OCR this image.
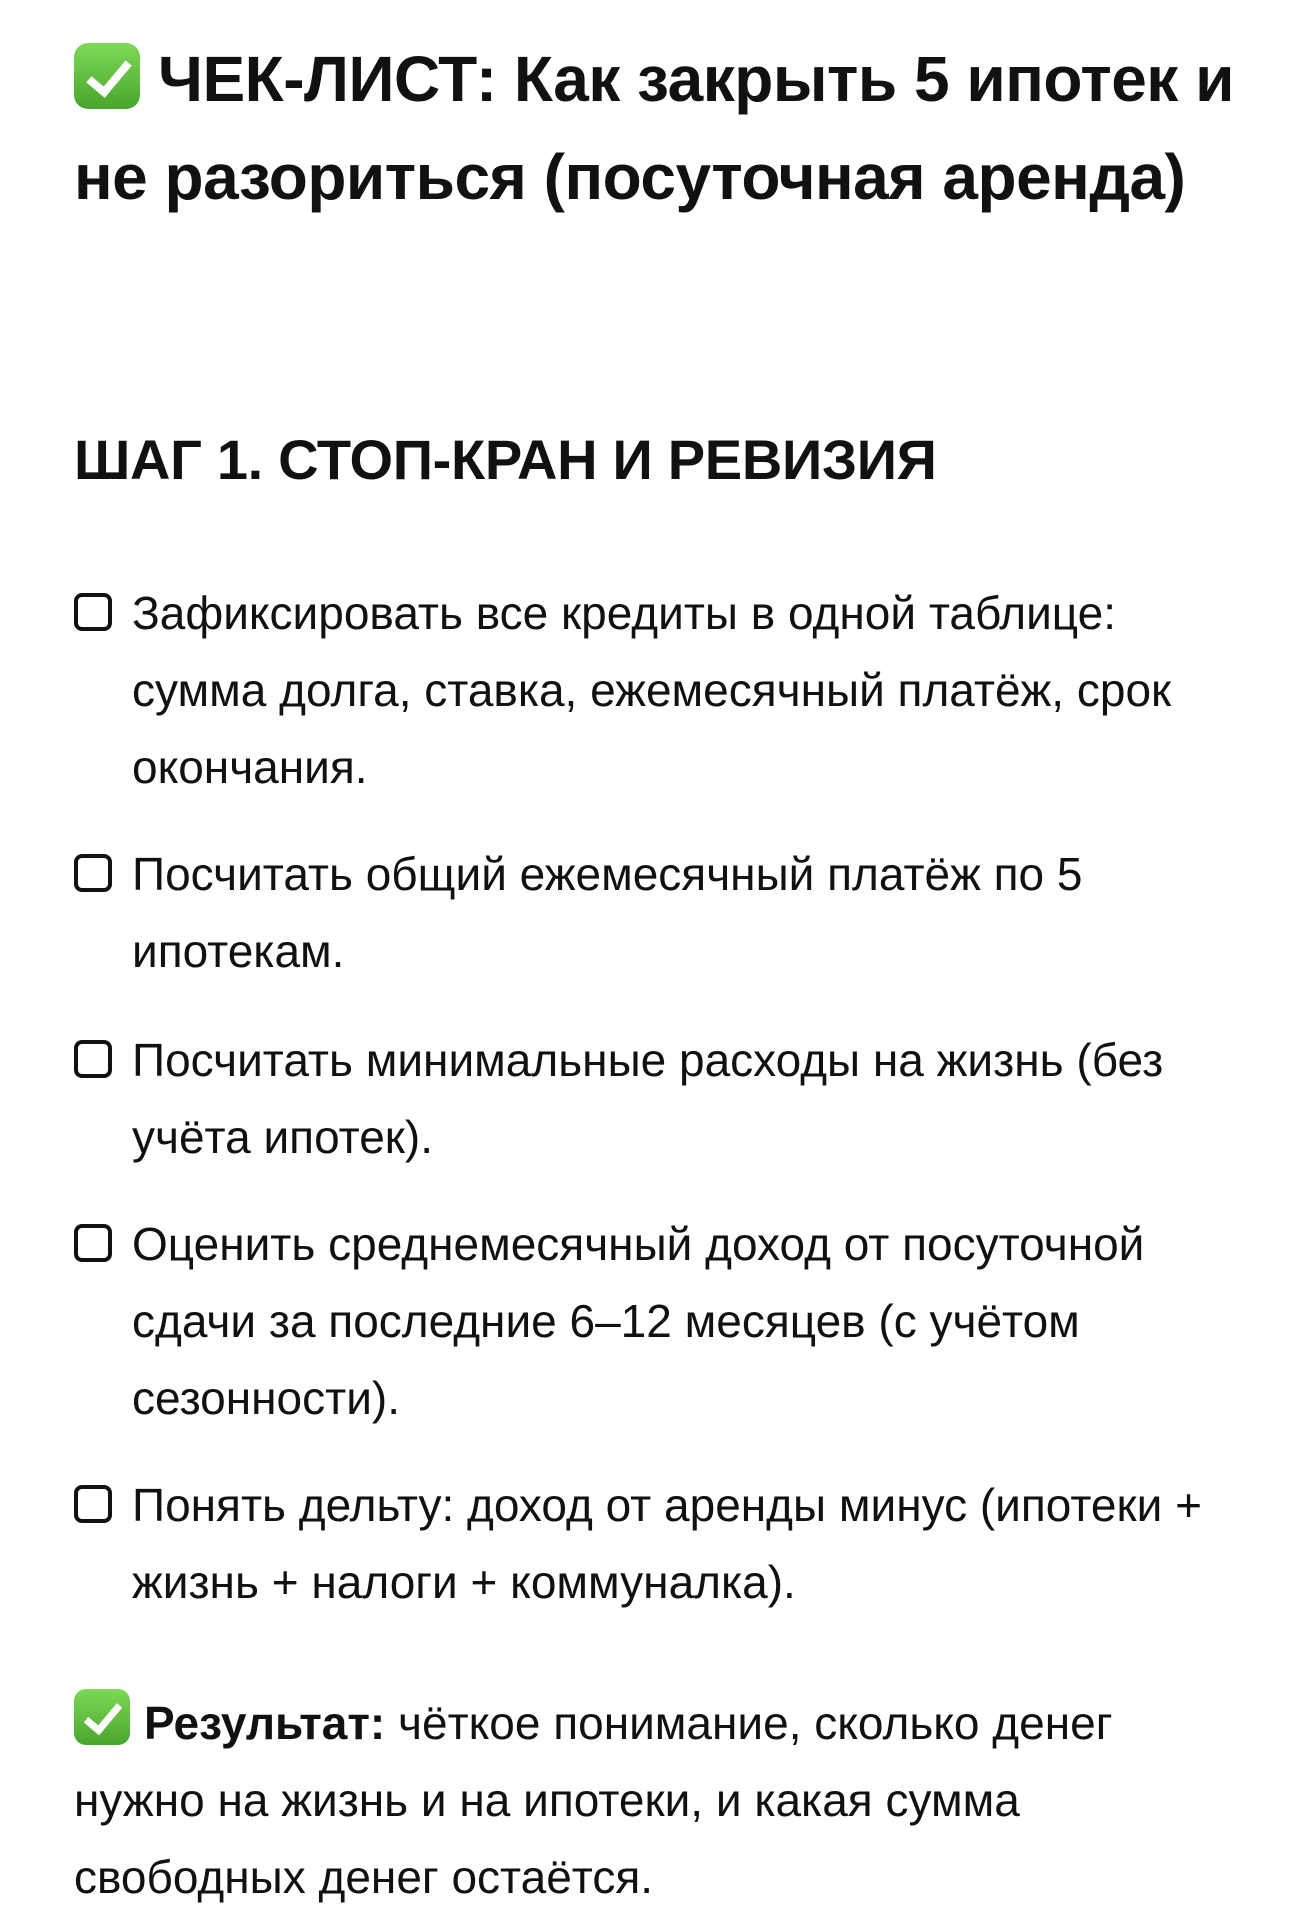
ЧЕК-ЛИСТ: Как закрыть 5 ипотек и не разориться (посуточная аренда)
ШАГ 1. СТОП-КРАН И РЕВИЗИЯ
Зафиксировать все кредиты в одной таблице: сумма долга, ставка, ежемесячный платёж, срок окончания.
Посчитать общий ежемесячный платёж по 5 ипотекам.
Посчитать минимальные расходы на жизнь (без учёта ипотек).
Оценить среднемесячный доход от посуточной сдачи за последние 6–12 месяцев (с учётом сезонности).
Понять дельту: доход от аренды минус (ипотеки + жизнь + налоги + коммуналка).

Результат: чёткое понимание, сколько денег нужно на жизнь и на ипотеки, и какая сумма свободных денег остаётся.
